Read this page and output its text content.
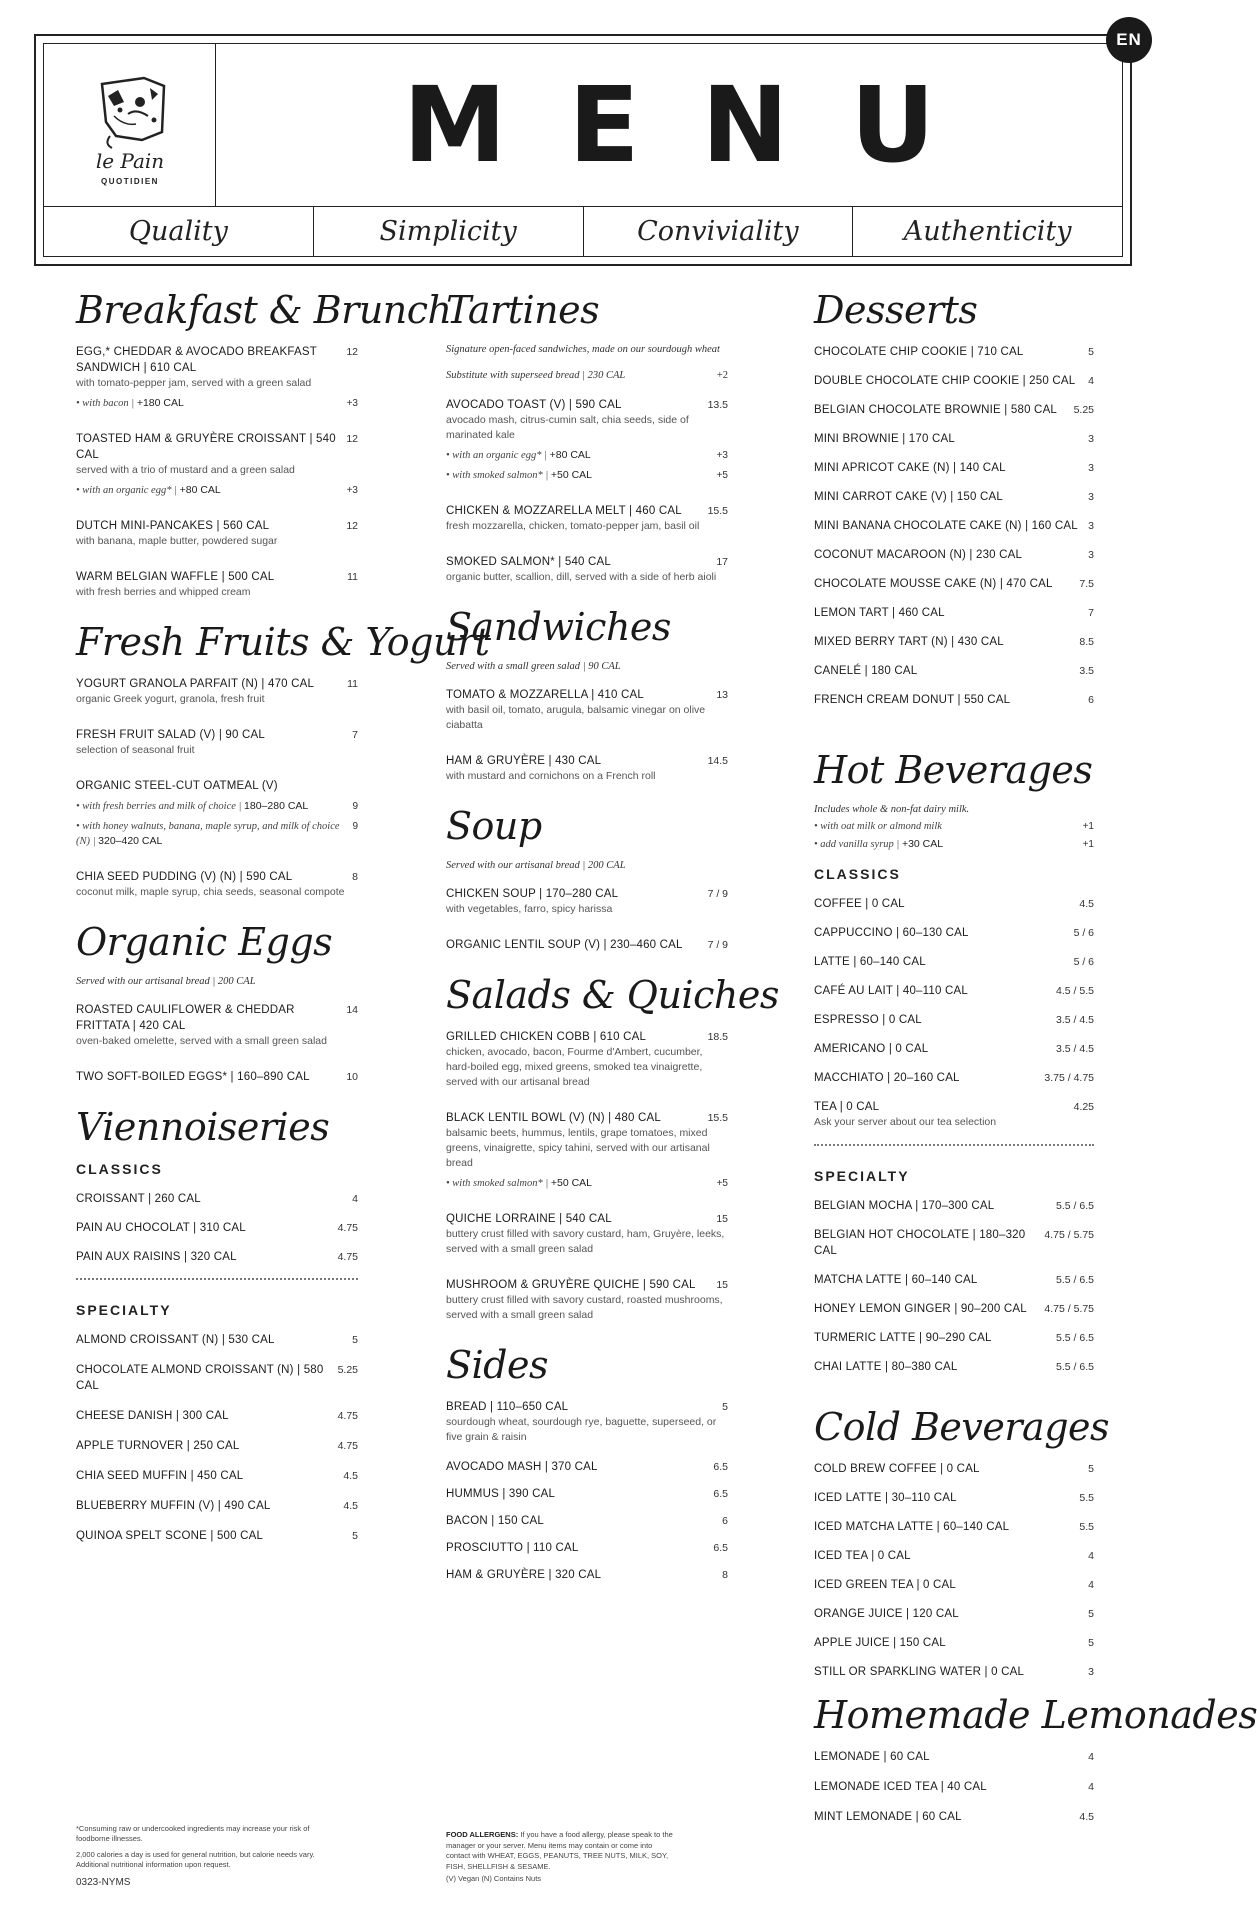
le Pain
QUOTIDIEN	MENU
Quality	Simplicity	Conviviality	Authenticity
EN
Breakfast & Brunch
EGG,* CHEDDAR & AVOCADO BREAKFAST SANDWICH | 610 CAL
12
with tomato-pepper jam, served with a green salad
• with bacon | +180 CAL	+3
TOASTED HAM & GRUYÈRE CROISSANT | 540 CAL
12
served with a trio of mustard and a green salad
• with an organic egg* | +80 CAL	+3
DUTCH MINI-PANCAKES | 560 CAL	12
with banana, maple butter, powdered sugar
WARM BELGIAN WAFFLE | 500 CAL	11
with fresh berries and whipped cream
Fresh Fruits & Yogurt
YOGURT GRANOLA PARFAIT (N) | 470 CAL	11
organic Greek yogurt, granola, fresh fruit
FRESH FRUIT SALAD (V) | 90 CAL	7
selection of seasonal fruit
ORGANIC STEEL-CUT OATMEAL (V)
• with fresh berries and milk of choice | 180–280 CAL	9
• with honey walnuts, banana, maple syrup, and milk of choice (N) | 320–420 CAL
9
CHIA SEED PUDDING (V) (N) | 590 CAL	8
coconut milk, maple syrup, chia seeds, seasonal compote
Organic Eggs
Served with our artisanal bread | 200 CAL
ROASTED CAULIFLOWER & CHEDDAR FRITTATA | 420 CAL
14
oven-baked omelette, served with a small green salad
TWO SOFT-BOILED EGGS* | 160–890 CAL	10
Viennoiseries
CLASSICS
CROISSANT | 260 CAL	4
PAIN AU CHOCOLAT | 310 CAL	4.75
PAIN AUX RAISINS | 320 CAL	4.75
SPECIALTY
ALMOND CROISSANT (N) | 530 CAL	5
CHOCOLATE ALMOND CROISSANT (N) | 580 CAL
5.25
CHEESE DANISH | 300 CAL	4.75
APPLE TURNOVER | 250 CAL	4.75
CHIA SEED MUFFIN | 450 CAL	4.5
BLUEBERRY MUFFIN (V) | 490 CAL	4.5
QUINOA SPELT SCONE | 500 CAL	5
Tartines
Signature open-faced sandwiches, made on our sourdough wheat
Substitute with superseed bread | 230 CAL	+2
AVOCADO TOAST (V) | 590 CAL	13.5
avocado mash, citrus-cumin salt, chia seeds, side of marinated kale
• with an organic egg* | +80 CAL	+3
• with smoked salmon* | +50 CAL	+5
CHICKEN & MOZZARELLA MELT | 460 CAL	15.5
fresh mozzarella, chicken, tomato-pepper jam, basil oil
SMOKED SALMON* | 540 CAL	17
organic butter, scallion, dill, served with a side of herb aioli
Sandwiches
Served with a small green salad | 90 CAL
TOMATO & MOZZARELLA | 410 CAL	13
with basil oil, tomato, arugula, balsamic vinegar on olive ciabatta
HAM & GRUYÈRE | 430 CAL	14.5
with mustard and cornichons on a French roll
Soup
Served with our artisanal bread | 200 CAL
CHICKEN SOUP | 170–280 CAL	7 / 9
with vegetables, farro, spicy harissa
ORGANIC LENTIL SOUP (V) | 230–460 CAL	7 / 9
Salads & Quiches
GRILLED CHICKEN COBB | 610 CAL	18.5
chicken, avocado, bacon, Fourme d'Ambert, cucumber, hard-boiled egg, mixed greens, smoked tea vinaigrette, served with our artisanal bread
BLACK LENTIL BOWL (V) (N) | 480 CAL	15.5
balsamic beets, hummus, lentils, grape tomatoes, mixed greens, vinaigrette, spicy tahini, served with our artisanal bread
• with smoked salmon* | +50 CAL	+5
QUICHE LORRAINE | 540 CAL	15
buttery crust filled with savory custard, ham, Gruyère, leeks, served with a small green salad
MUSHROOM & GRUYÈRE QUICHE | 590 CAL	15
buttery crust filled with savory custard, roasted mushrooms, served with a small green salad
Sides
BREAD | 110–650 CAL	5
sourdough wheat, sourdough rye, baguette, superseed, or five grain & raisin
AVOCADO MASH | 370 CAL	6.5
HUMMUS | 390 CAL	6.5
BACON | 150 CAL	6
PROSCIUTTO | 110 CAL	6.5
HAM & GRUYÈRE | 320 CAL	8
Desserts
CHOCOLATE CHIP COOKIE | 710 CAL	5
DOUBLE CHOCOLATE CHIP COOKIE | 250 CAL	4
BELGIAN CHOCOLATE BROWNIE | 580 CAL	5.25
MINI BROWNIE | 170 CAL	3
MINI APRICOT CAKE (N) | 140 CAL	3
MINI CARROT CAKE (V) | 150 CAL	3
MINI BANANA CHOCOLATE CAKE (N) | 160 CAL 3
COCONUT MACAROON (N) | 230 CAL	3
CHOCOLATE MOUSSE CAKE (N) | 470 CAL	7.5
LEMON TART | 460 CAL	7
MIXED BERRY TART (N) | 430 CAL	8.5
CANELÉ | 180 CAL	3.5
FRENCH CREAM DONUT | 550 CAL	6
Hot Beverages
Includes whole & non-fat dairy milk.
• with oat milk or almond milk	+1
• add vanilla syrup | +30 CAL	+1
CLASSICS
COFFEE | 0 CAL	4.5
CAPPUCCINO | 60–130 CAL	5 / 6
LATTE | 60–140 CAL	5 / 6
CAFÉ AU LAIT | 40–110 CAL	4.5 / 5.5
ESPRESSO | 0 CAL	3.5 / 4.5
AMERICANO | 0 CAL	3.5 / 4.5
MACCHIATO | 20–160 CAL	3.75 / 4.75
TEA | 0 CAL	4.25
Ask your server about our tea selection
SPECIALTY
BELGIAN MOCHA | 170–300 CAL	5.5 / 6.5
BELGIAN HOT CHOCOLATE | 180–320 CAL
4.75 / 5.75
MATCHA LATTE | 60–140 CAL	5.5 / 6.5
HONEY LEMON GINGER | 90–200 CAL	4.75 / 5.75
TURMERIC LATTE | 90–290 CAL	5.5 / 6.5
CHAI LATTE | 80–380 CAL	5.5 / 6.5
Cold Beverages
COLD BREW COFFEE | 0 CAL	5
ICED LATTE | 30–110 CAL	5.5
ICED MATCHA LATTE | 60–140 CAL	5.5
ICED TEA | 0 CAL	4
ICED GREEN TEA | 0 CAL	4
ORANGE JUICE | 120 CAL	5
APPLE JUICE | 150 CAL	5
STILL OR SPARKLING WATER | 0 CAL	3
Homemade Lemonades
LEMONADE | 60 CAL	4
LEMONADE ICED TEA | 40 CAL	4
MINT LEMONADE | 60 CAL	4.5

*Consuming raw or undercooked ingredients may increase your risk of foodborne illnesses.

2,000 calories a day is used for general nutrition, but calorie needs vary. Additional nutritional information upon request.

0323-NYMS
FOOD ALLERGENS: If you have a food allergy, please speak to the manager or your server. Menu items may contain or come into contact with WHEAT, EGGS, PEANUTS, TREE NUTS, MILK, SOY, FISH, SHELLFISH & SESAME.
(V) Vegan (N) Contains Nuts
